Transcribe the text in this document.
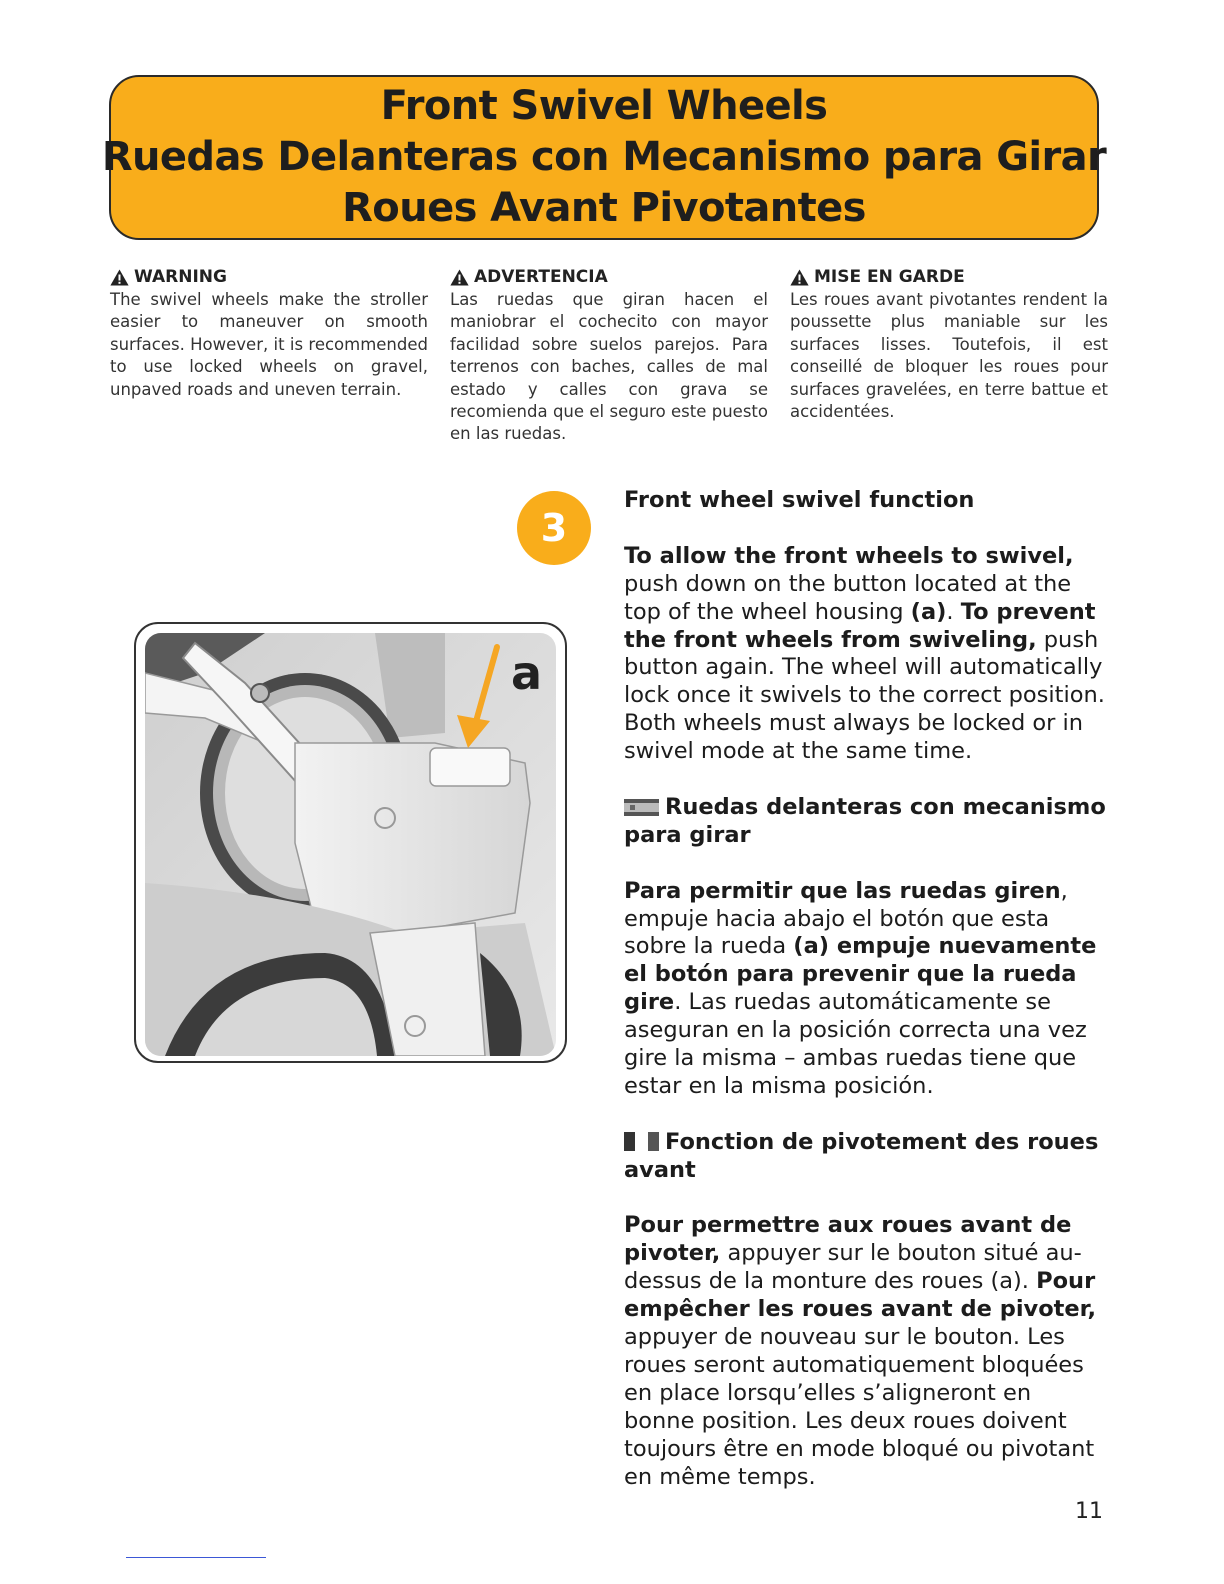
Front Swivel Wheels
Ruedas Delanteras con Mecanismo para Girar
Roues Avant Pivotantes

WARNING

The swivel wheels make the stroller easier to maneuver on smooth surfaces. However, it is recommended to use locked wheels on gravel, unpaved roads and uneven terrain.

ADVERTENCIA

Las ruedas que giran hacen el maniobrar el cochecito con mayor facilidad sobre suelos parejos. Para terrenos con baches, calles de mal estado y calles con grava se recomienda que el seguro este puesto en las ruedas.

MISE EN GARDE

Les roues avant pivotantes rendent la poussette plus maniable sur les surfaces lisses. Toutefois, il est conseillé de bloquer les roues pour surfaces gravelées, en terre battue et accidentées.

3
a

Front wheel swivel function

To allow the front wheels to swivel, push down on the button located at the top of the wheel housing (a). To prevent the front wheels from swiveling, push button again. The wheel will automatically lock once it swivels to the correct position. Both wheels must always be locked or in swivel mode at the same time.

Ruedas delanteras con mecanismo para girar

Para permitir que las ruedas giren, empuje hacia abajo el botón que esta sobre la rueda (a) empuje nuevamente el botón para prevenir que la rueda gire. Las ruedas automáticamente se aseguran en la posición correcta una vez gire la misma – ambas ruedas tiene que estar en la misma posición.

Fonction de pivotement des roues avant

Pour permettre aux roues avant de pivoter, appuyer sur le bouton situé au-dessus de la monture des roues (a). Pour empêcher les roues avant de pivoter, appuyer de nouveau sur le bouton. Les roues seront automatiquement bloquées en place lorsqu’elles s’aligneront en bonne position. Les deux roues doivent toujours être en mode bloqué ou pivotant en même temps.

11
